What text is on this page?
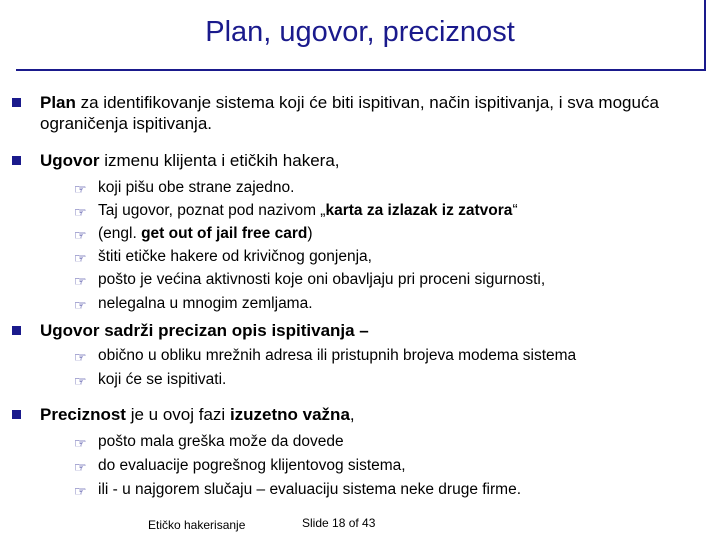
Plan, ugovor, preciznost
Plan za identifikovanje sistema koji će biti ispitivan, način ispitivanja, i sva moguća ograničenja ispitivanja.
Ugovor izmenu klijenta i etičkih hakera,
☞ koji pišu obe strane zajedno.
☞ Taj ugovor, poznat pod nazivom „karta za izlazak iz zatvora“
☞ (engl. get out of jail free card)
☞ štiti etičke hakere od krivičnog gonjenja,
☞ pošto je većina aktivnosti koje oni obavljaju pri proceni sigurnosti,
☞ nelegalna u mnogim zemljama.
Ugovor sadrži precizan opis ispitivanja –
☞ obično u obliku mrežnih adresa ili pristupnih brojeva modema sistema
☞ koji će se ispitivati.
Preciznost je u ovoj fazi izuzetno važna,
☞ pošto mala greška može da dovede
☞ do evaluacije pogrešnog klijentovog sistema,
☞ ili - u najgorem slučaju – evaluaciju sistema neke druge firme.
Etičko hakerisanje	Slide 18 of 43
